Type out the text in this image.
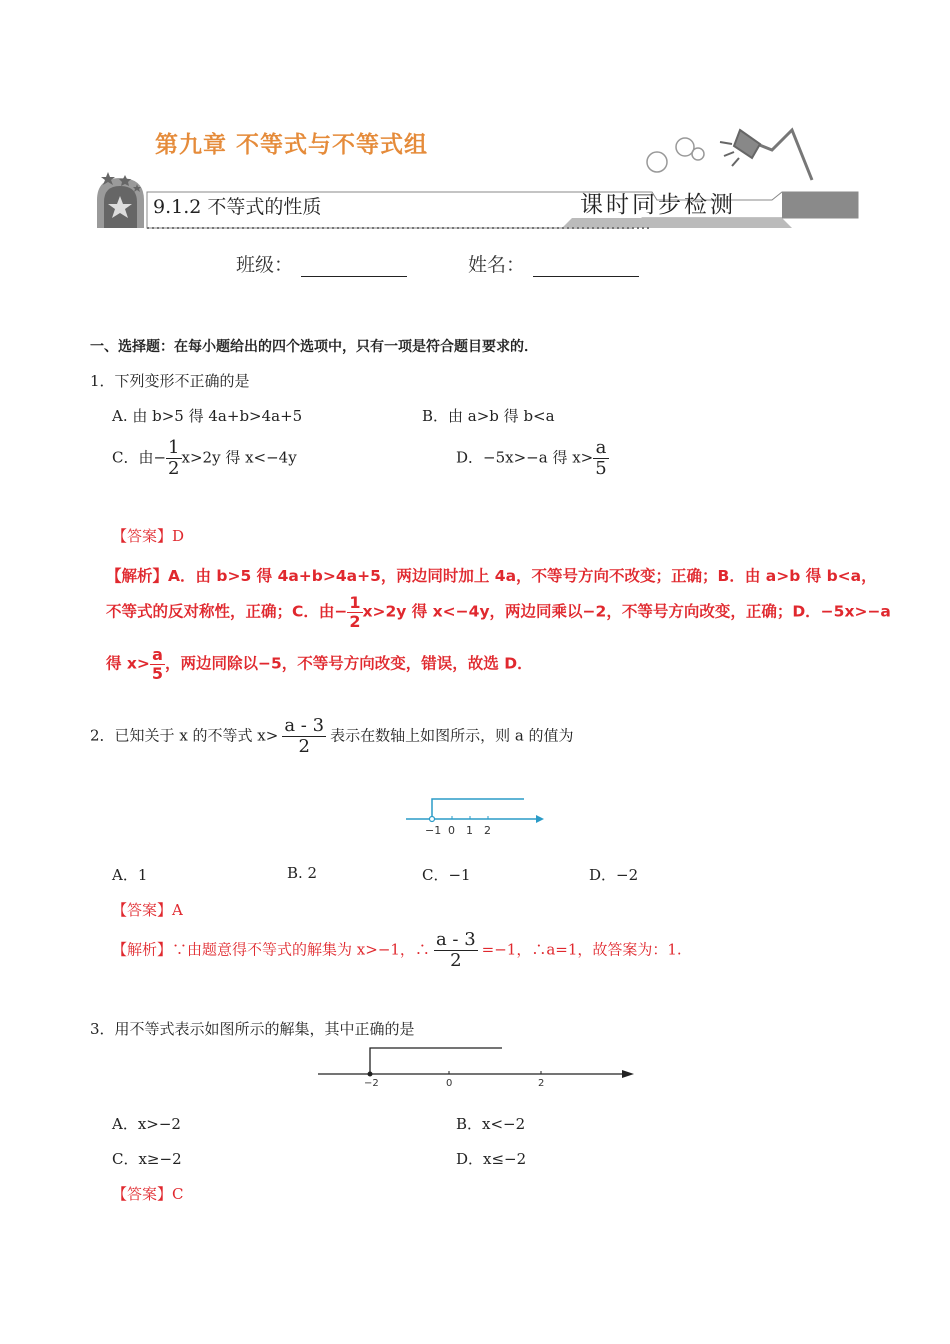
第九章 不等式与不等式组
9.1.2 不等式的性质	课时同步检测
班级：	姓名：
一、选择题：在每小题给出的四个选项中，只有一项是符合题目要求的．
1．下列变形不正确的是
A. 由 b>5 得 4a+b>4a+5	B．由 a>b 得 b<a
C．由− $\frac{1}{2} x>2y$ 得 x<−4y	D．−5x>−a 得 $x> \frac{a}{5}$
【答案】D
【解析】A．由 b>5 得 4a+b>4a+5，两边同时加上 4a，不等号方向不改变；正确；B．由 a>b 得 b<a，
不等式的反对称性，正确；C．由− $\frac{1}{2} x>2y$ 得 x<−4y，两边同乘以−2，不等号方向改变，正确；D．−5x>−a
得 $x> \frac{a}{5}$ ，两边同除以−5，不等号方向改变，错误，故选 D．
2．已知关于 x 的不等式 $x> \frac{a - 3}{2}$ 表示在数轴上如图所示，则 a 的值为
−1 0 1 2
A．1	B. 2	C．−1	D．−2
【答案】A
【解析】∵由题意得不等式的解集为 x>−1，∴ $\frac{a - 3}{2} =-1$，∴a=1，故答案为：1.
3．用不等式表示如图所示的解集，其中正确的是
−2	0	2
A．x>−2	B．x<−2
C．x≥−2	D．x≤−2
【答案】C
